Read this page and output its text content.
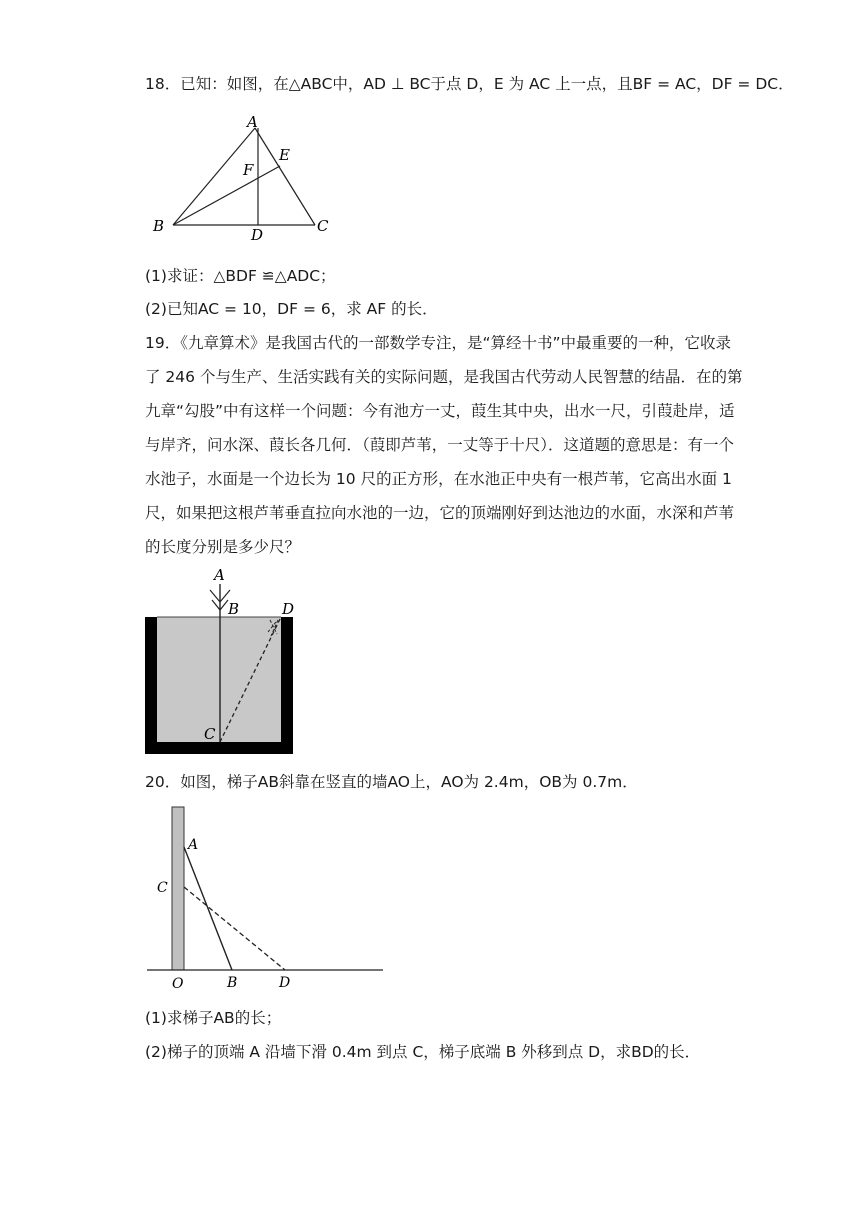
18．已知：如图，在△ABC中，AD ⊥ BC于点 D，E 为 AC 上一点，且BF = AC，DF = DC．
A
B	C
D
E
F
(1)求证：△BDF ≌△ADC；
(2)已知AC = 10，DF = 6，求 AF 的长．
19．《九章算术》是我国古代的一部数学专注，是“算经十书”中最重要的一种，它收录
了 246 个与生产、生活实践有关的实际问题，是我国古代劳动人民智慧的结晶．在的第
九章“勾股”中有这样一个问题：今有池方一丈，葭生其中央，出水一尺，引葭赴岸，适
与岸齐，问水深、葭长各几何．（葭即芦苇，一丈等于十尺）．这道题的意思是：有一个
水池子，水面是一个边长为 10 尺的正方形，在水池正中央有一根芦苇，它高出水面 1
尺，如果把这根芦苇垂直拉向水池的一边，它的顶端刚好到达池边的水面，水深和芦苇
的长度分别是多少尺？
A
B
C
D
20．如图，梯子AB斜靠在竖直的墙AO上，AO为 2.4m，OB为 0.7m．
A
C
O	B	D
(1)求梯子AB的长；
(2)梯子的顶端 A 沿墙下滑 0.4m 到点 C，梯子底端 B 外移到点 D，求BD的长．
